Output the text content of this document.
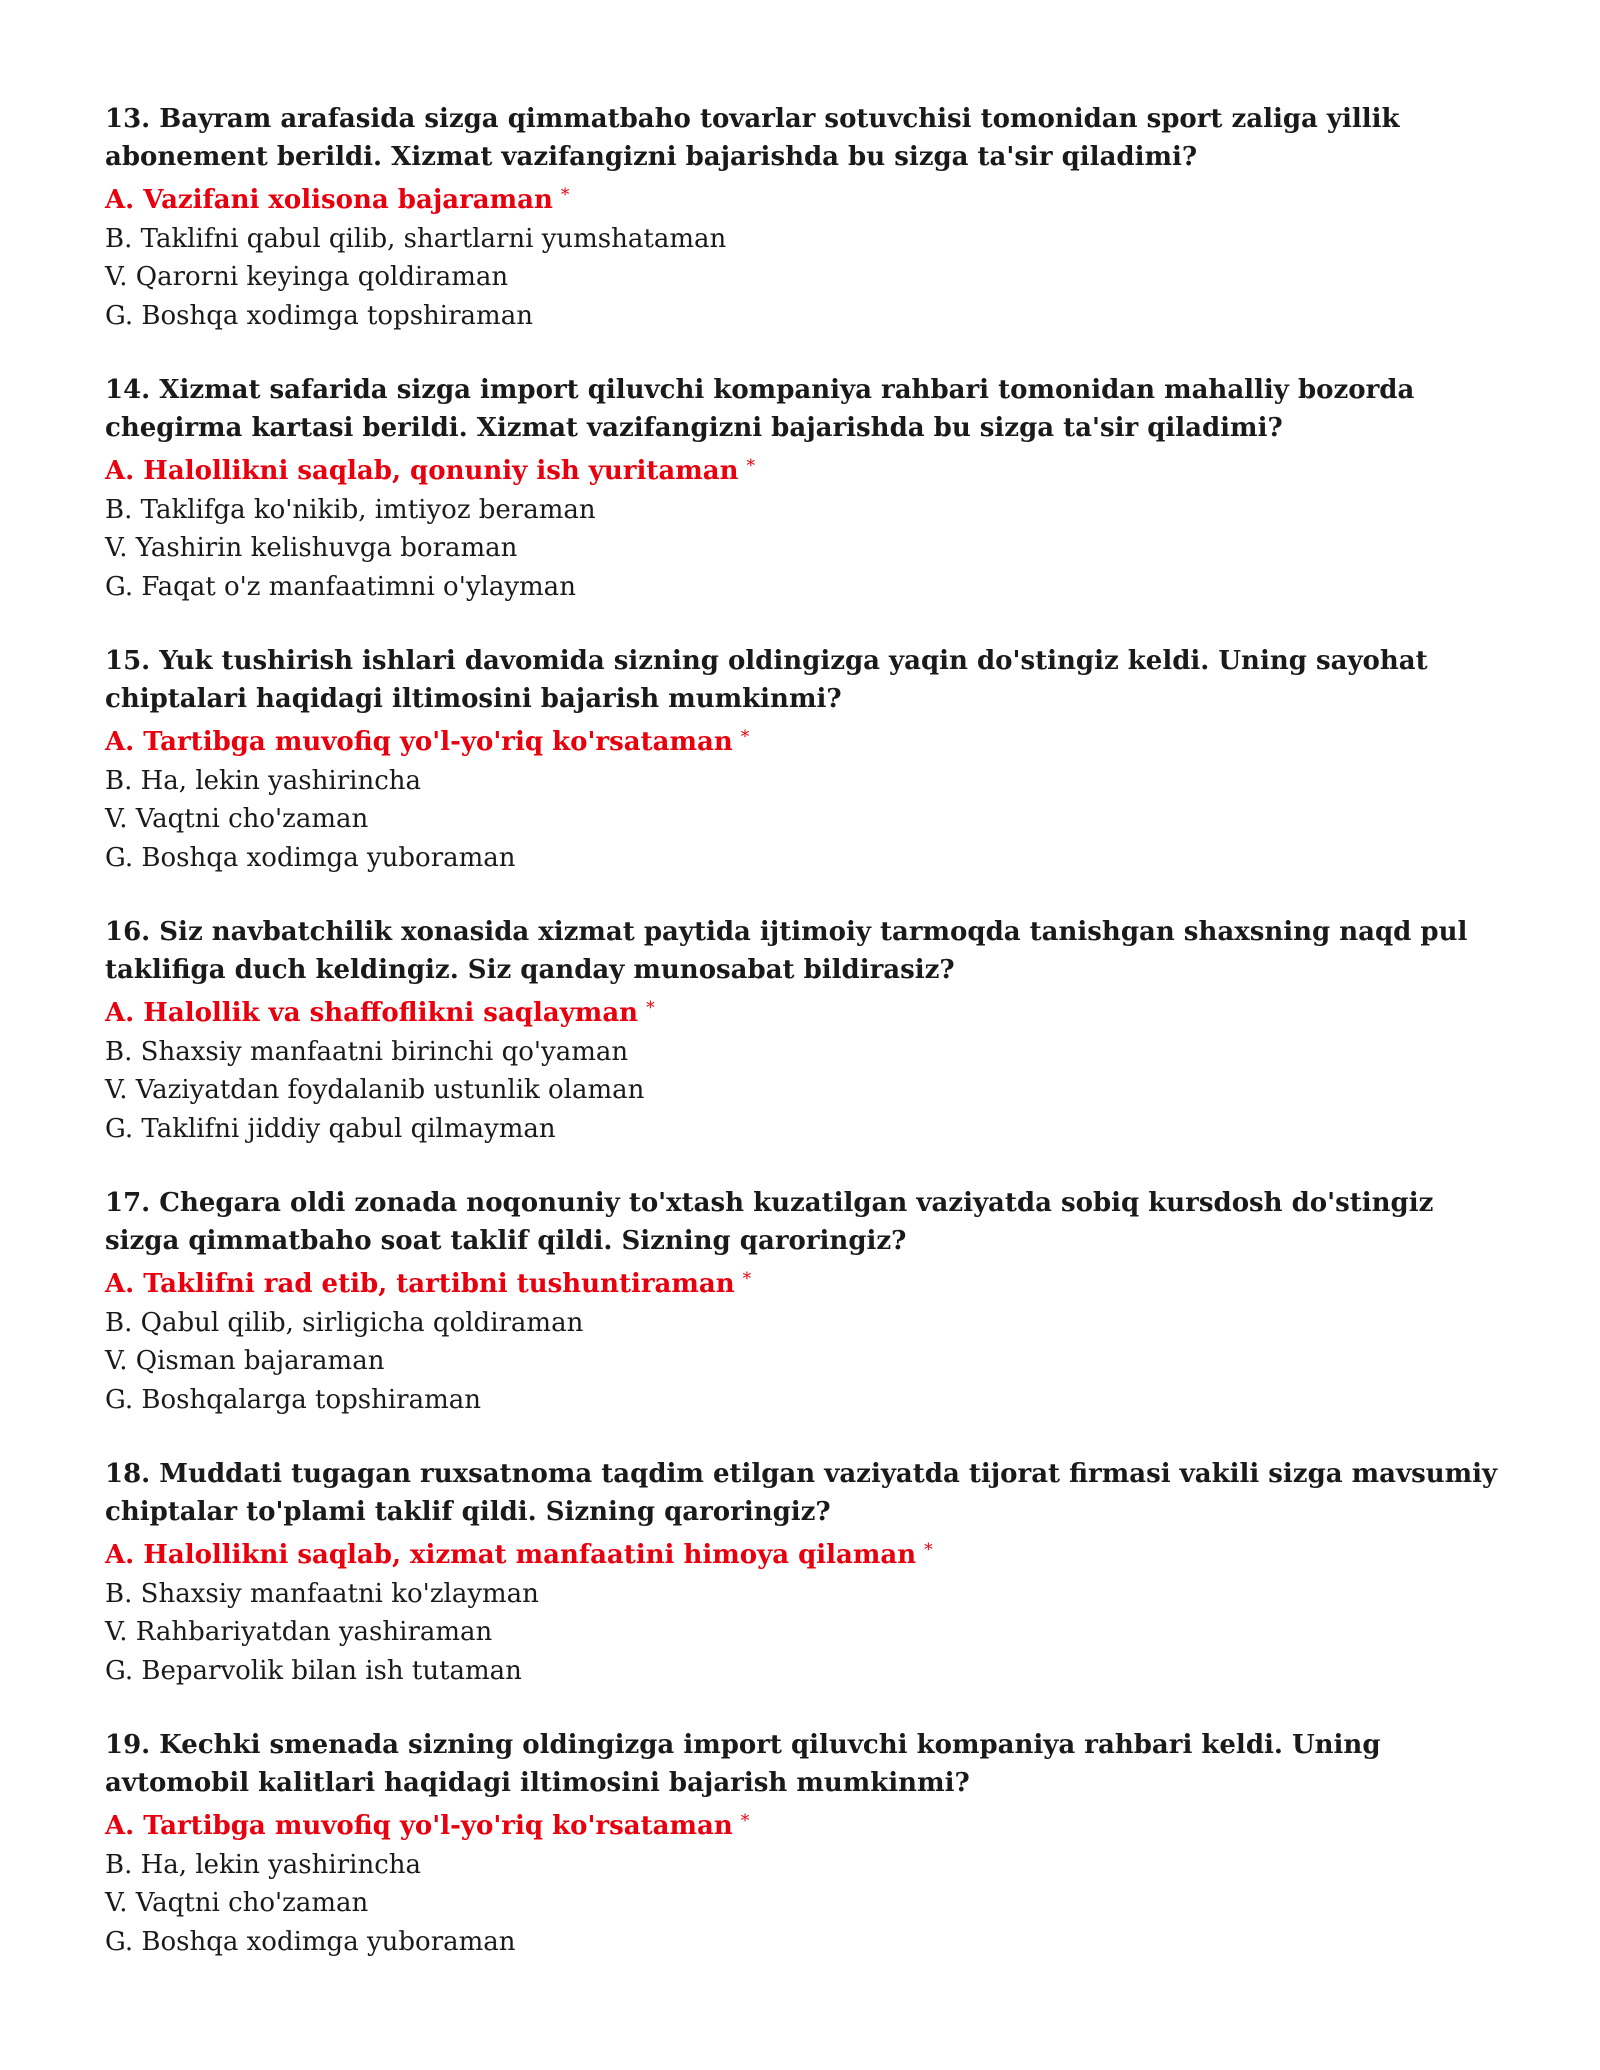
13. Bayram arafasida sizga qimmatbaho tovarlar sotuvchisi tomonidan sport zaliga yillik abonement berildi. Xizmat vazifangizni bajarishda bu sizga ta'sir qiladimi?

A. Vazifani xolisona bajaraman *

B. Taklifni qabul qilib, shartlarni yumshataman

V. Qarorni keyinga qoldiraman

G. Boshqa xodimga topshiraman

14. Xizmat safarida sizga import qiluvchi kompaniya rahbari tomonidan mahalliy bozorda chegirma kartasi berildi. Xizmat vazifangizni bajarishda bu sizga ta'sir qiladimi?

A. Halollikni saqlab, qonuniy ish yuritaman *

B. Taklifga ko'nikib, imtiyoz beraman

V. Yashirin kelishuvga boraman

G. Faqat o'z manfaatimni o'ylayman

15. Yuk tushirish ishlari davomida sizning oldingizga yaqin do'stingiz keldi. Uning sayohat chiptalari haqidagi iltimosini bajarish mumkinmi?

A. Tartibga muvofiq yo'l-yo'riq ko'rsataman *

B. Ha, lekin yashirincha

V. Vaqtni cho'zaman

G. Boshqa xodimga yuboraman

16. Siz navbatchilik xonasida xizmat paytida ijtimoiy tarmoqda tanishgan shaxsning naqd pul taklifiga duch keldingiz. Siz qanday munosabat bildirasiz?

A. Halollik va shaffoflikni saqlayman *

B. Shaxsiy manfaatni birinchi qo'yaman

V. Vaziyatdan foydalanib ustunlik olaman

G. Taklifni jiddiy qabul qilmayman

17. Chegara oldi zonada noqonuniy to'xtash kuzatilgan vaziyatda sobiq kursdosh do'stingiz sizga qimmatbaho soat taklif qildi. Sizning qaroringiz?

A. Taklifni rad etib, tartibni tushuntiraman *

B. Qabul qilib, sirligicha qoldiraman

V. Qisman bajaraman

G. Boshqalarga topshiraman

18. Muddati tugagan ruxsatnoma taqdim etilgan vaziyatda tijorat firmasi vakili sizga mavsumiy chiptalar to'plami taklif qildi. Sizning qaroringiz?

A. Halollikni saqlab, xizmat manfaatini himoya qilaman *

B. Shaxsiy manfaatni ko'zlayman

V. Rahbariyatdan yashiraman

G. Beparvolik bilan ish tutaman

19. Kechki smenada sizning oldingizga import qiluvchi kompaniya rahbari keldi. Uning avtomobil kalitlari haqidagi iltimosini bajarish mumkinmi?

A. Tartibga muvofiq yo'l-yo'riq ko'rsataman *

B. Ha, lekin yashirincha

V. Vaqtni cho'zaman

G. Boshqa xodimga yuboraman
